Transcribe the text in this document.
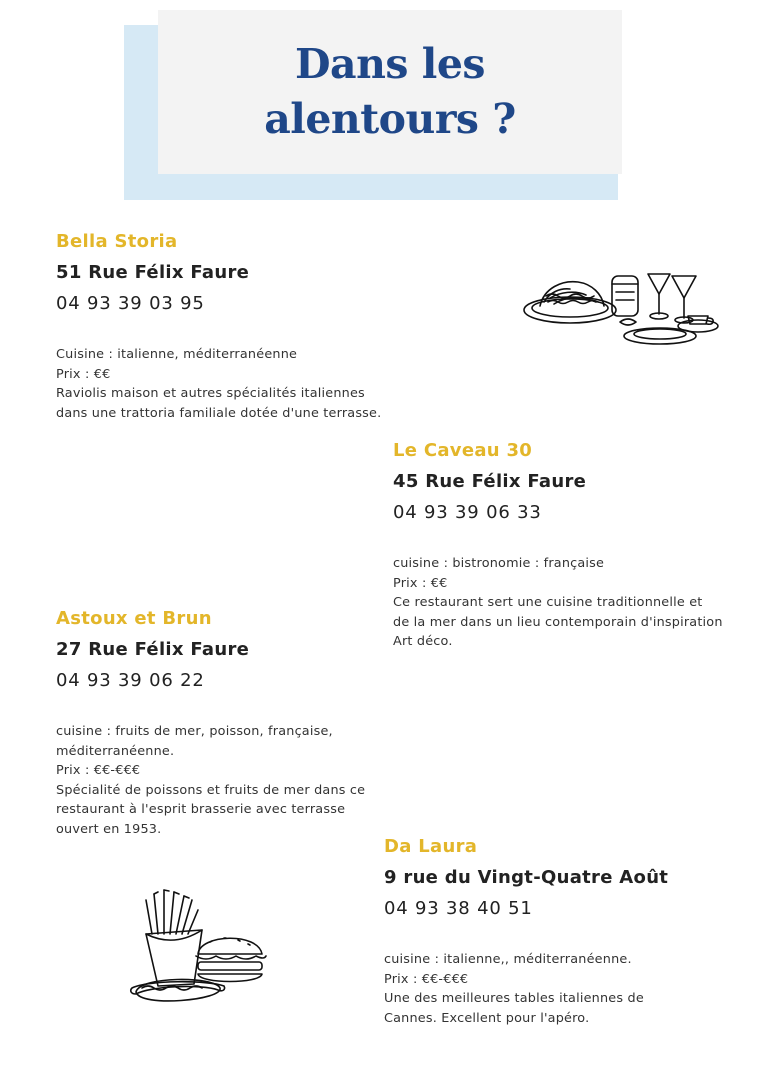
Dans les
alentours ?
Bella Storia
51 Rue Félix Faure
04 93 39 03 95
Cuisine : italienne, méditerranéenne
Prix : €€
Raviolis maison et autres spécialités italiennes dans une trattoria familiale dotée d'une terrasse.
Le Caveau 30
45 Rue Félix Faure
04 93 39 06 33
cuisine : bistronomie : française
Prix : €€
Ce restaurant sert une cuisine traditionnelle et de la mer dans un lieu contemporain d'inspiration Art déco.
Astoux et Brun
27 Rue Félix Faure
04 93 39 06 22
cuisine : fruits de mer, poisson, française, méditerranéenne.
Prix : €€-€€€
Spécialité de poissons et fruits de mer dans ce restaurant à l'esprit brasserie avec terrasse ouvert en 1953.
Da Laura
9 rue du Vingt-Quatre Août
04 93 38 40 51
cuisine : italienne,, méditerranéenne.
Prix : €€-€€€
Une des meilleures tables italiennes de Cannes. Excellent pour l'apéro.
